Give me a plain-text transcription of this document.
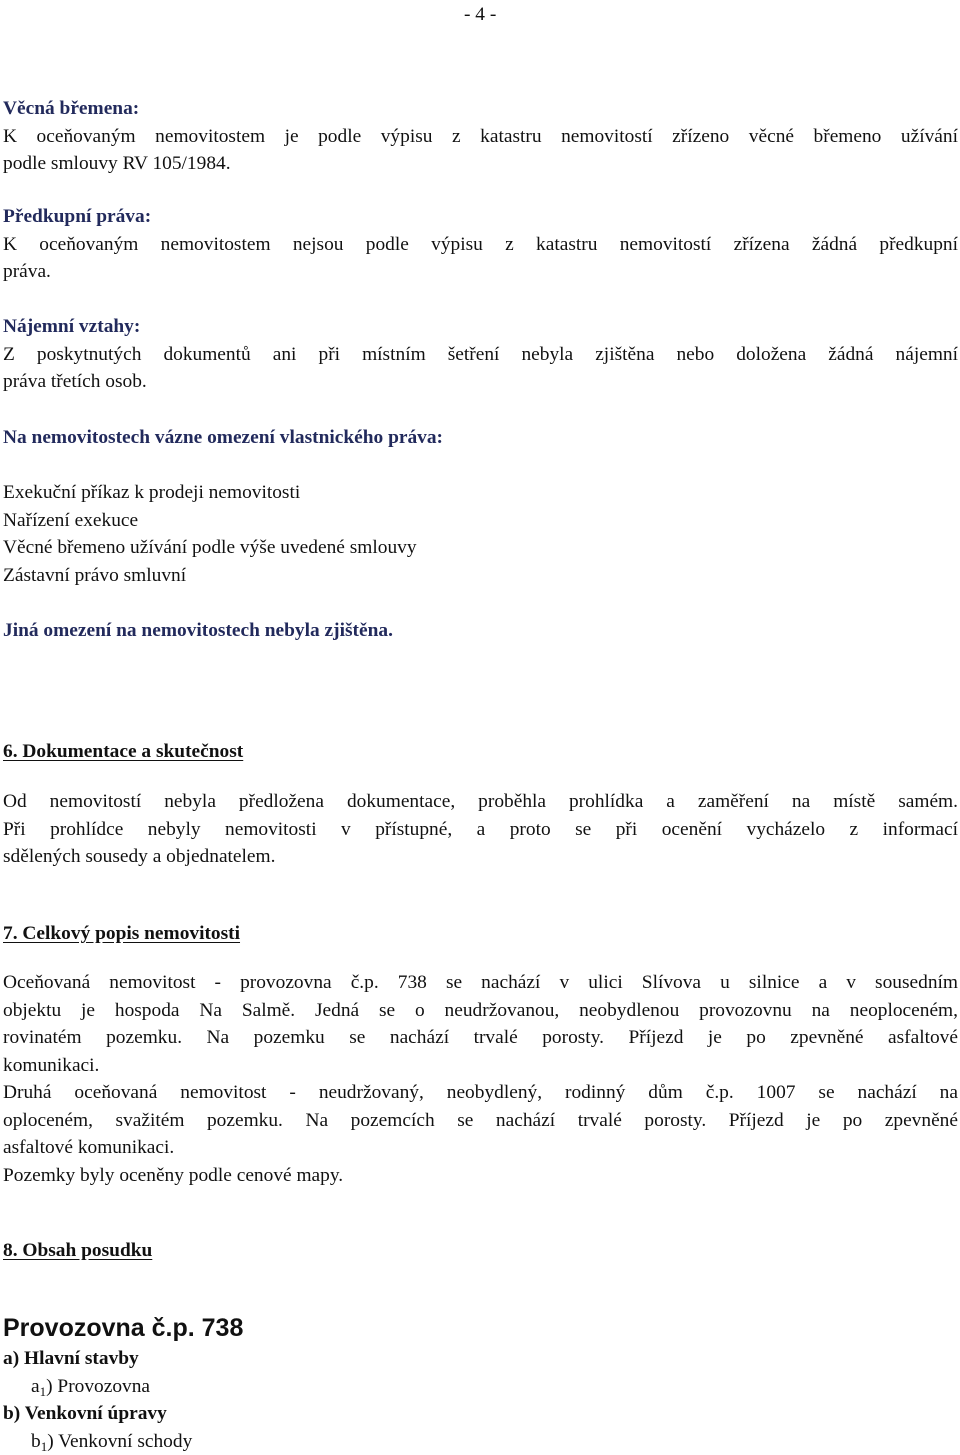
- 4 -

Věcná břemena:

K oceňovaným nemovitostem je podle výpisu z katastru nemovitostí zřízeno věcné břemeno užívání
podle smlouvy RV 105/1984.

Předkupní práva:

K oceňovaným nemovitostem nejsou podle výpisu z katastru nemovitostí zřízena žádná předkupní
práva.

Nájemní vztahy:

Z poskytnutých dokumentů ani při místním šetření nebyla zjištěna nebo doložena žádná nájemní
práva třetích osob.

Na nemovitostech vázne omezení vlastnického práva:

Exekuční příkaz k prodeji nemovitosti

Nařízení exekuce

Věcné břemeno užívání podle výše uvedené smlouvy

Zástavní právo smluvní

Jiná omezení na nemovitostech nebyla zjištěna.

6. Dokumentace a skutečnost

Od nemovitostí nebyla předložena dokumentace, proběhla prohlídka a zaměření na místě samém.
Při prohlídce nebyly nemovitosti v přístupné, a proto se při ocenění vycházelo z informací
sdělených sousedy a objednatelem.

7. Celkový popis nemovitosti

Oceňovaná nemovitost - provozovna č.p. 738 se nachází v ulici Slívova u silnice a v sousedním
objektu je hospoda Na Salmě. Jedná se o neudržovanou, neobydlenou provozovnu na neoploceném,
rovinatém pozemku. Na pozemku se nachází trvalé porosty. Příjezd je po zpevněné asfaltové
komunikaci.
Druhá oceňovaná nemovitost - neudržovaný, neobydlený, rodinný dům č.p. 1007 se nachází na
oploceném, svažitém pozemku. Na pozemcích se nachází trvalé porosty. Příjezd je po zpevněné
asfaltové komunikaci.
Pozemky byly oceněny podle cenové mapy.

8. Obsah posudku

Provozovna č.p. 738

a) Hlavní stavby

$a_1$) Provozovna

b) Venkovní úpravy

$b_1$) Venkovní schody
